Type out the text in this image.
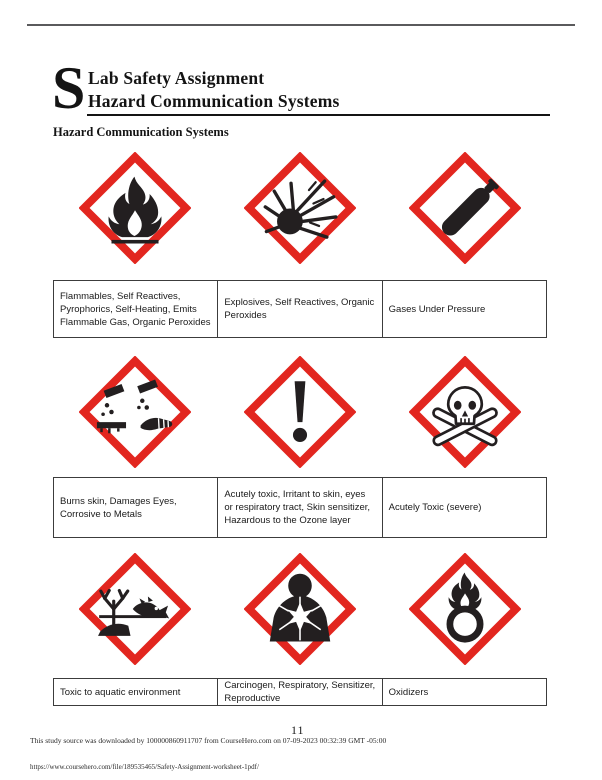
S Lab Safety Assignment
Hazard Communication Systems
Hazard Communication Systems
Flammables, Self Reactives, Pyrophorics, Self-Heating, Emits Flammable Gas, Organic Peroxides
Explosives, Self Reactives, Organic Peroxides
Gases Under Pressure
Burns skin, Damages Eyes, Corrosive to Metals
Acutely toxic, Irritant to skin, eyes or respiratory tract, Skin sensitizer, Hazardous to the Ozone layer
Acutely Toxic (severe)
Toxic to aquatic environment
Carcinogen, Respiratory, Sensitizer, Reproductive
Oxidizers
11
This study source was downloaded by 100000860911707 from CourseHero.com on 07-09-2023 00:32:39 GMT -05:00
https://www.coursehero.com/file/189535465/Safety-Assignment-worksheet-1pdf/
